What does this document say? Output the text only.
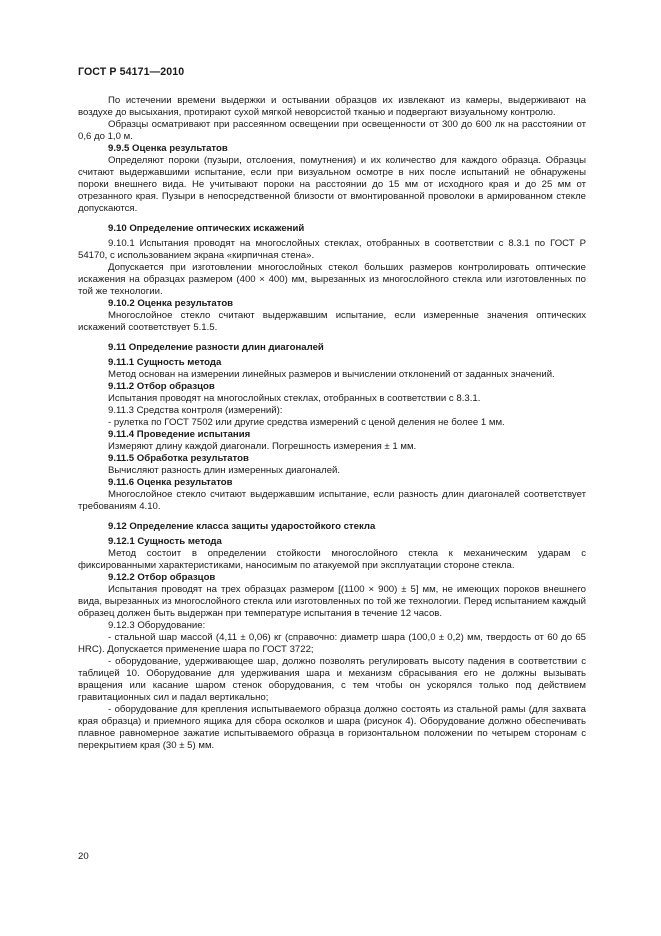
ГОСТ Р 54171—2010

По истечении времени выдержки и остывании образцов их извлекают из камеры, выдерживают на воздухе до высыхания, протирают сухой мягкой неворсистой тканью и подвергают визуальному контролю.

Образцы осматривают при рассеянном освещении при освещенности от 300 до 600 лк на расстоянии от 0,6 до 1,0 м.

9.9.5 Оценка результатов

Определяют пороки (пузыри, отслоения, помутнения) и их количество для каждого образца. Образцы считают выдержавшими испытание, если при визуальном осмотре в них после испытаний не обнаружены пороки внешнего вида. Не учитывают пороки на расстоянии до 15 мм от исходного края и до 25 мм от отрезанного края. Пузыри в непосредственной близости от вмонтированной проволоки в армированном стекле допускаются.

9.10 Определение оптических искажений

9.10.1 Испытания проводят на многослойных стеклах, отобранных в соответствии с 8.3.1 по ГОСТ Р 54170, с использованием экрана «кирпичная стена».

Допускается при изготовлении многослойных стекол больших размеров контролировать оптические искажения на образцах размером (400 × 400) мм, вырезанных из многослойного стекла или изготовленных по той же технологии.

9.10.2 Оценка результатов

Многослойное стекло считают выдержавшим испытание, если измеренные значения оптических искажений соответствует 5.1.5.

9.11 Определение разности длин диагоналей

9.11.1 Сущность метода

Метод основан на измерении линейных размеров и вычислении отклонений от заданных значений.

9.11.2 Отбор образцов

Испытания проводят на многослойных стеклах, отобранных в соответствии с 8.3.1.

9.11.3 Средства контроля (измерений):

- рулетка по ГОСТ 7502 или другие средства измерений с ценой деления не более 1 мм.

9.11.4 Проведение испытания

Измеряют длину каждой диагонали. Погрешность измерения ± 1 мм.

9.11.5 Обработка результатов

Вычисляют разность длин измеренных диагоналей.

9.11.6 Оценка результатов

Многослойное стекло считают выдержавшим испытание, если разность длин диагоналей соответствует требованиям 4.10.

9.12 Определение класса защиты ударостойкого стекла

9.12.1 Сущность метода

Метод состоит в определении стойкости многослойного стекла к механическим ударам с фиксированными характеристиками, наносимым по атакуемой при эксплуатации стороне стекла.

9.12.2 Отбор образцов

Испытания проводят на трех образцах размером [(1100 × 900) ± 5] мм, не имеющих пороков внешнего вида, вырезанных из многослойного стекла или изготовленных по той же технологии. Перед испытанием каждый образец должен быть выдержан при температуре испытания в течение 12 часов.

9.12.3 Оборудование:

- стальной шар массой (4,11 ± 0,06) кг (справочно: диаметр шара (100,0 ± 0,2) мм, твердость от 60 до 65 HRC). Допускается применение шара по ГОСТ 3722;

- оборудование, удерживающее шар, должно позволять регулировать высоту падения в соответствии с таблицей 10. Оборудование для удерживания шара и механизм сбрасывания его не должны вызывать вращения или касание шаром стенок оборудования, с тем чтобы он ускорялся только под действием гравитационных сил и падал вертикально;

- оборудование для крепления испытываемого образца должно состоять из стальной рамы (для захвата края образца) и приемного ящика для сбора осколков и шара (рисунок 4). Оборудование должно обеспечивать плавное равномерное зажатие испытываемого образца в горизонтальном положении по четырем сторонам с перекрытием края (30 ± 5) мм.

20
